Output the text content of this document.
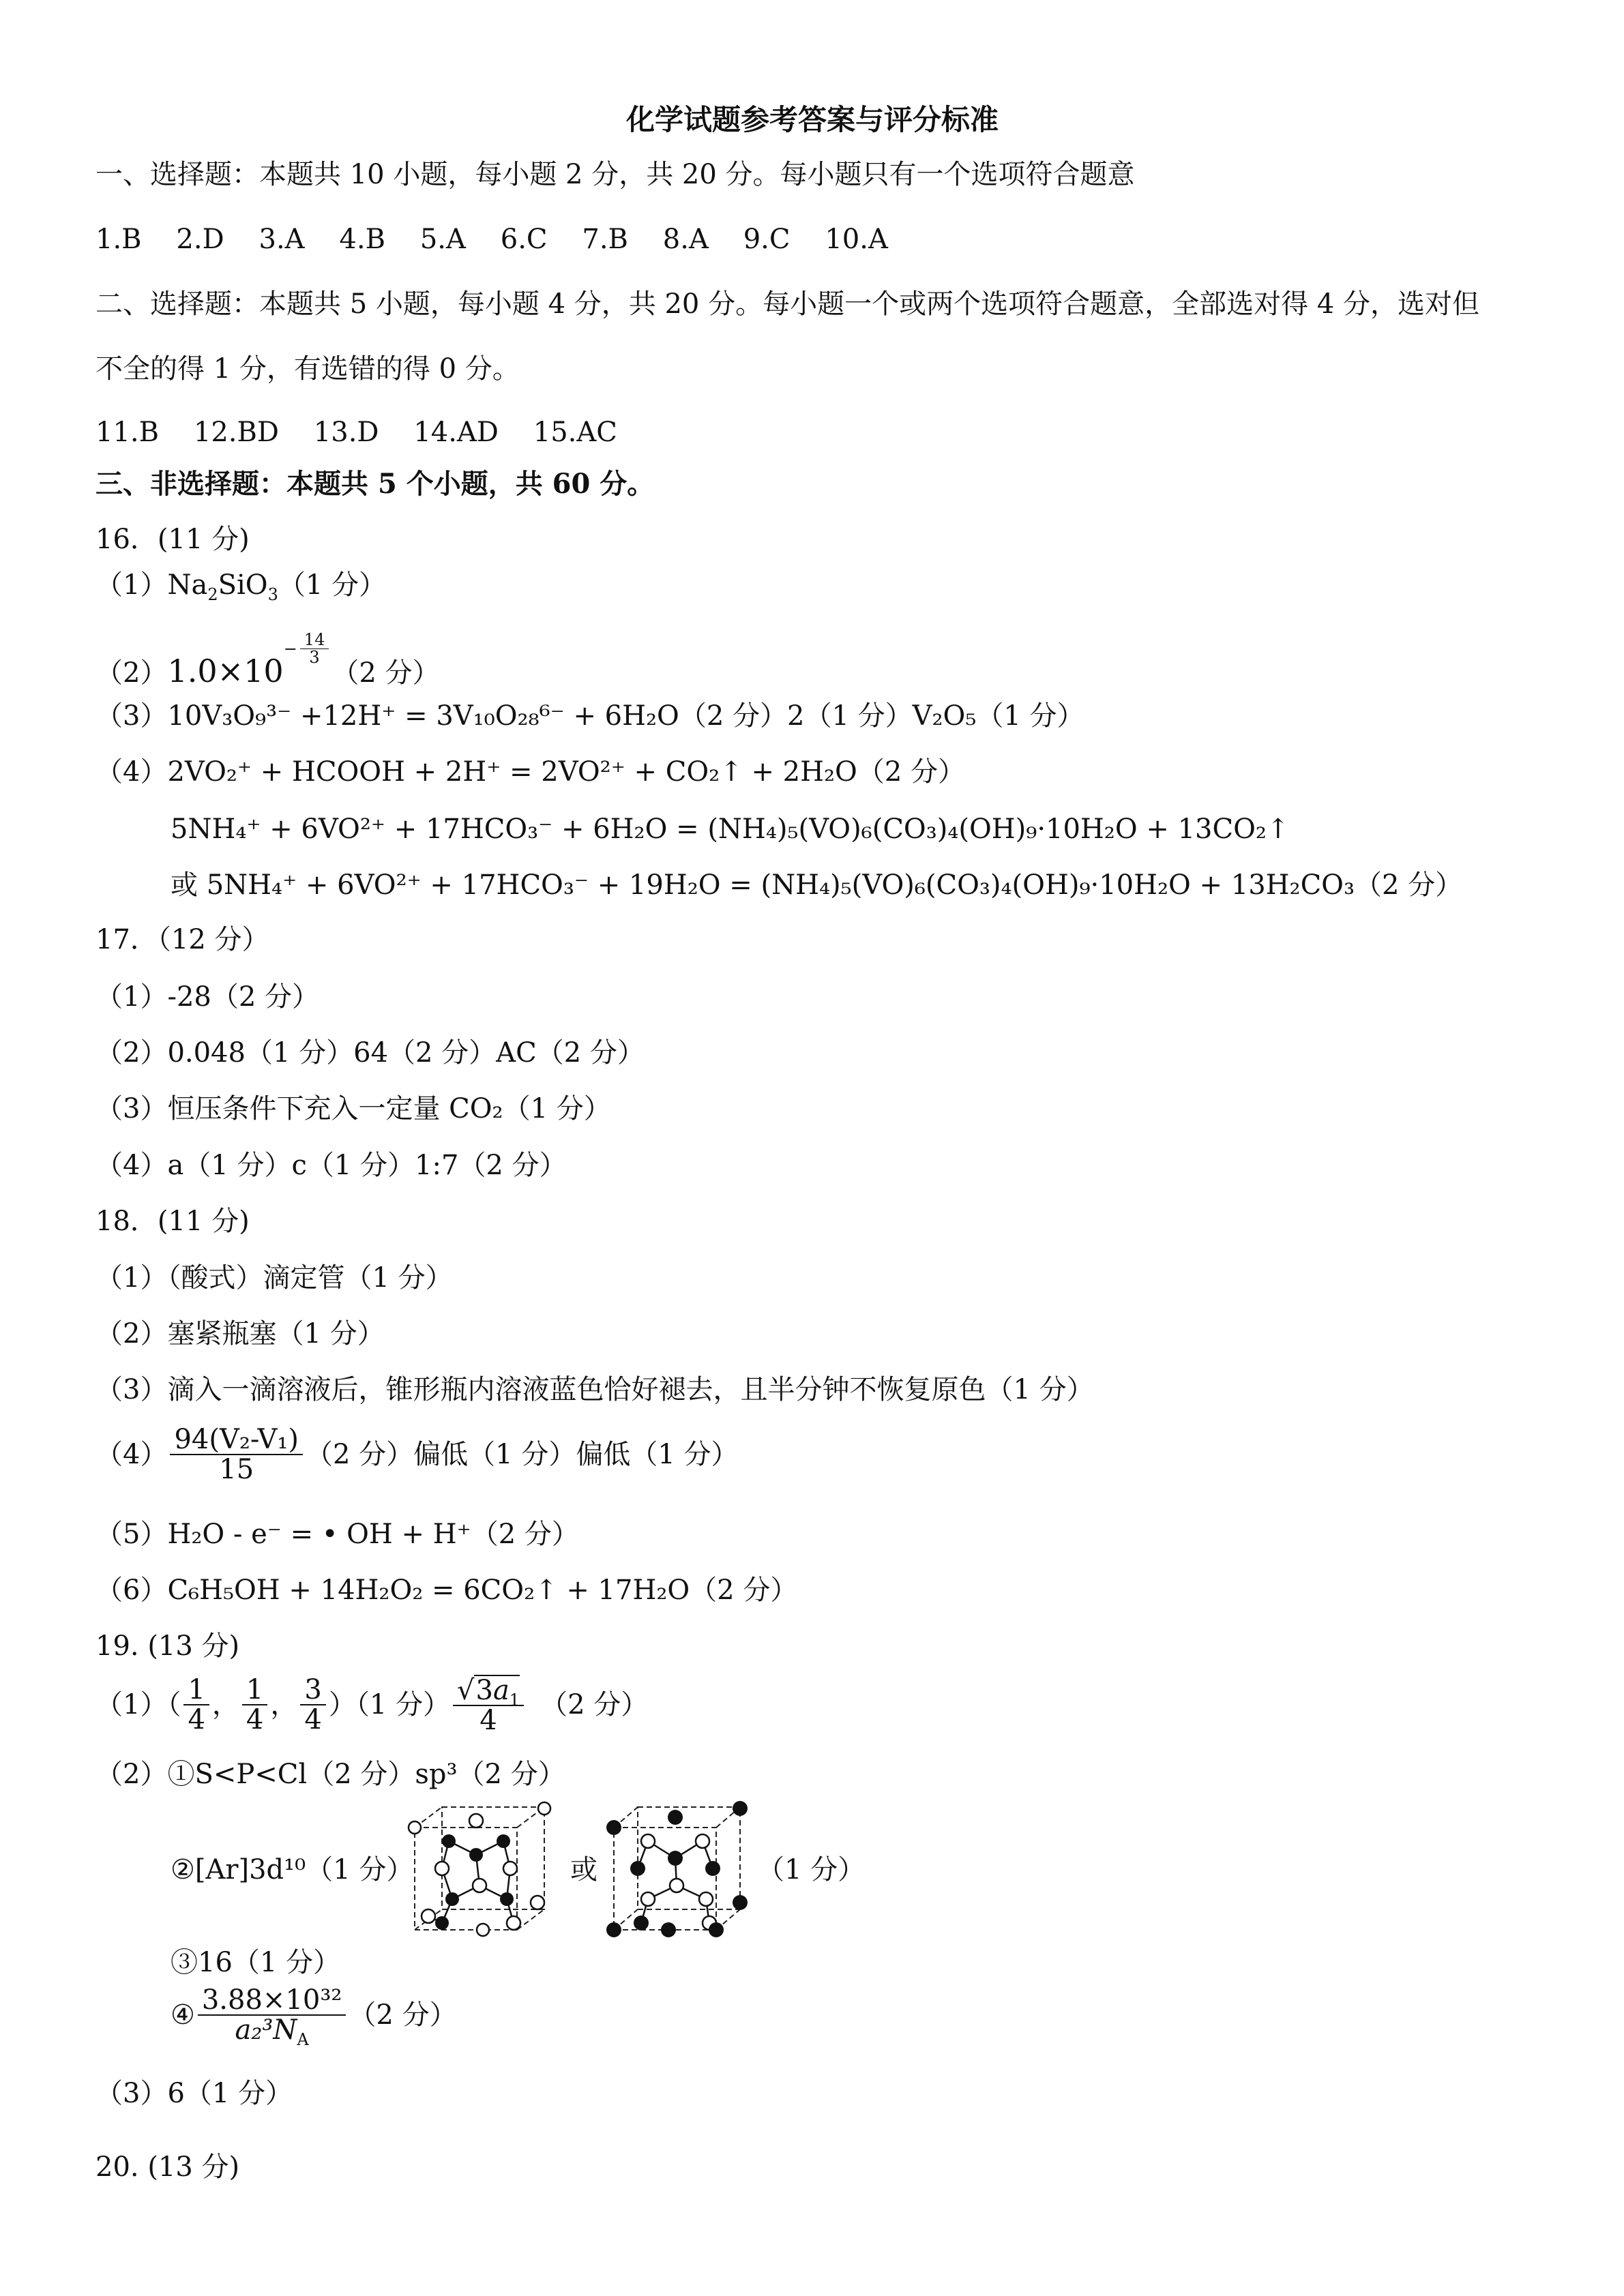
化学试题参考答案与评分标准
一、选择题：本题共 10 小题，每小题 2 分，共 20 分。每小题只有一个选项符合题意
1.B    2.D    3.A    4.B    5.A    6.C    7.B    8.A    9.C    10.A
二、选择题：本题共 5 小题，每小题 4 分，共 20 分。每小题一个或两个选项符合题意，全部选对得 4 分，选对但
不全的得 1 分，有选错的得 0 分。
11.B    12.BD    13.D    14.AD    15.AC
三、非选择题：本题共 5 个小题，共 60 分。
16．(11 分)
$(1)Na_2SiO_3(1$ 分）
$(2)1.0\times 10- \frac{14}{3}$
（2 分）
（3）10V₃O₉³⁻ +12H⁺ = 3V₁₀O₂₈⁶⁻ + 6H₂O（2 分）2（1 分）V₂O₅（1 分）
（4）2VO₂⁺ + HCOOH + 2H⁺ = 2VO²⁺ + CO₂↑ + 2H₂O（2 分）
5NH₄⁺ + 6VO²⁺ + 17HCO₃⁻ + 6H₂O = (NH₄)₅(VO)₆(CO₃)₄(OH)₉·10H₂O + 13CO₂↑
或 5NH₄⁺ + 6VO²⁺ + 17HCO₃⁻ + 19H₂O = (NH₄)₅(VO)₆(CO₃)₄(OH)₉·10H₂O + 13H₂CO₃（2 分）
17．（12 分）
（1）-28（2 分）
（2）0.048（1 分）64（2 分）AC（2 分）
（3）恒压条件下充入一定量 CO₂（1 分）
（4）a（1 分）c（1 分）1:7（2 分）
18．(11 分)
（1）（酸式）滴定管（1 分）
（2）塞紧瓶塞（1 分）
（3）滴入一滴溶液后，锥形瓶内溶液蓝色恰好褪去，且半分钟不恢复原色（1 分）
$(4) \frac{\text{94(V₂-V₁)}}{15} (2$ 分）偏低（1 分）偏低（1 分）
（5）H₂O - e⁻ = • OH + H⁺（2 分）
（6）C₆H₅OH + 14H₂O₂ = 6CO₂↑ + 17H₂O（2 分）
19. (13 分)
$(1)( \frac{1}{4}$ ， $\frac{1}{4}$ ， $\frac{3}{4} )(1$ 分） $\frac{√3a_1}{4} (2$ 分）
（2）①S<P<Cl（2 分）sp³（2 分）
②[Ar]3d¹⁰（1 分）	或	（1 分）
③16（1 分）
④ $\frac{\text{3.88×10³²}}{a_2^3N_A} (2$ 分）
（3）6（1 分）
20. (13 分)
